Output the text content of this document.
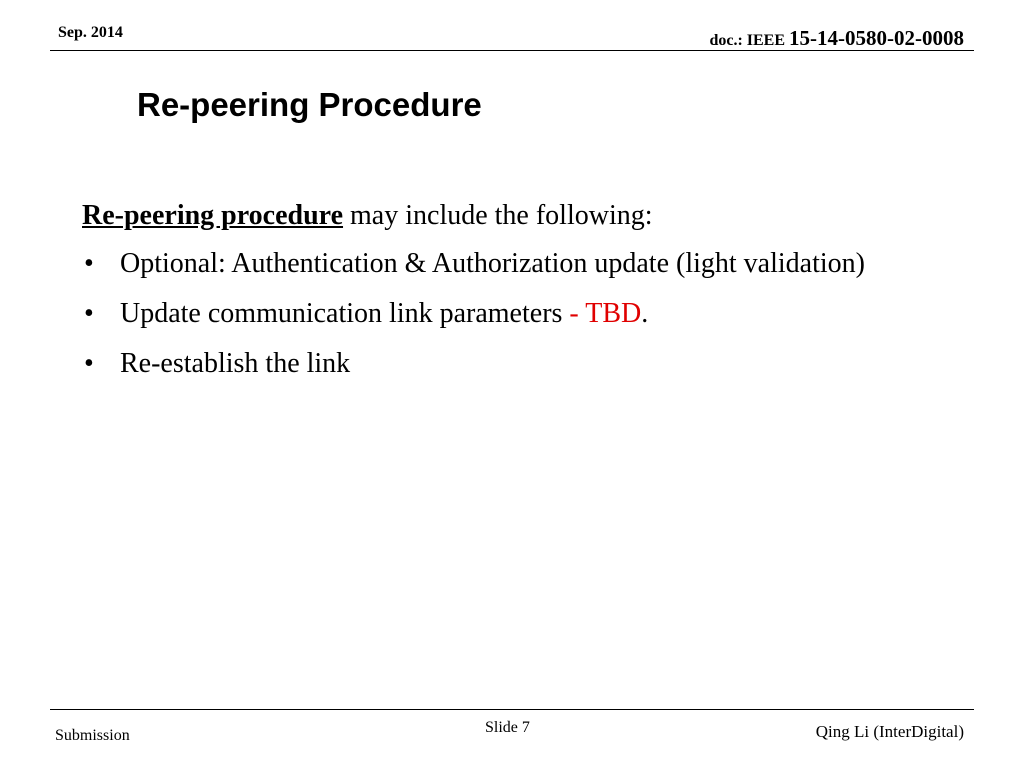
Sep. 2014	doc.: IEEE 15-14-0580-02-0008
Re-peering Procedure

Re-peering procedure may include the following:

• Optional: Authentication & Authorization update (light validation)
• Update communication link parameters - TBD.
• Re-establish the link
Submission	Slide 7	Qing Li (InterDigital)
